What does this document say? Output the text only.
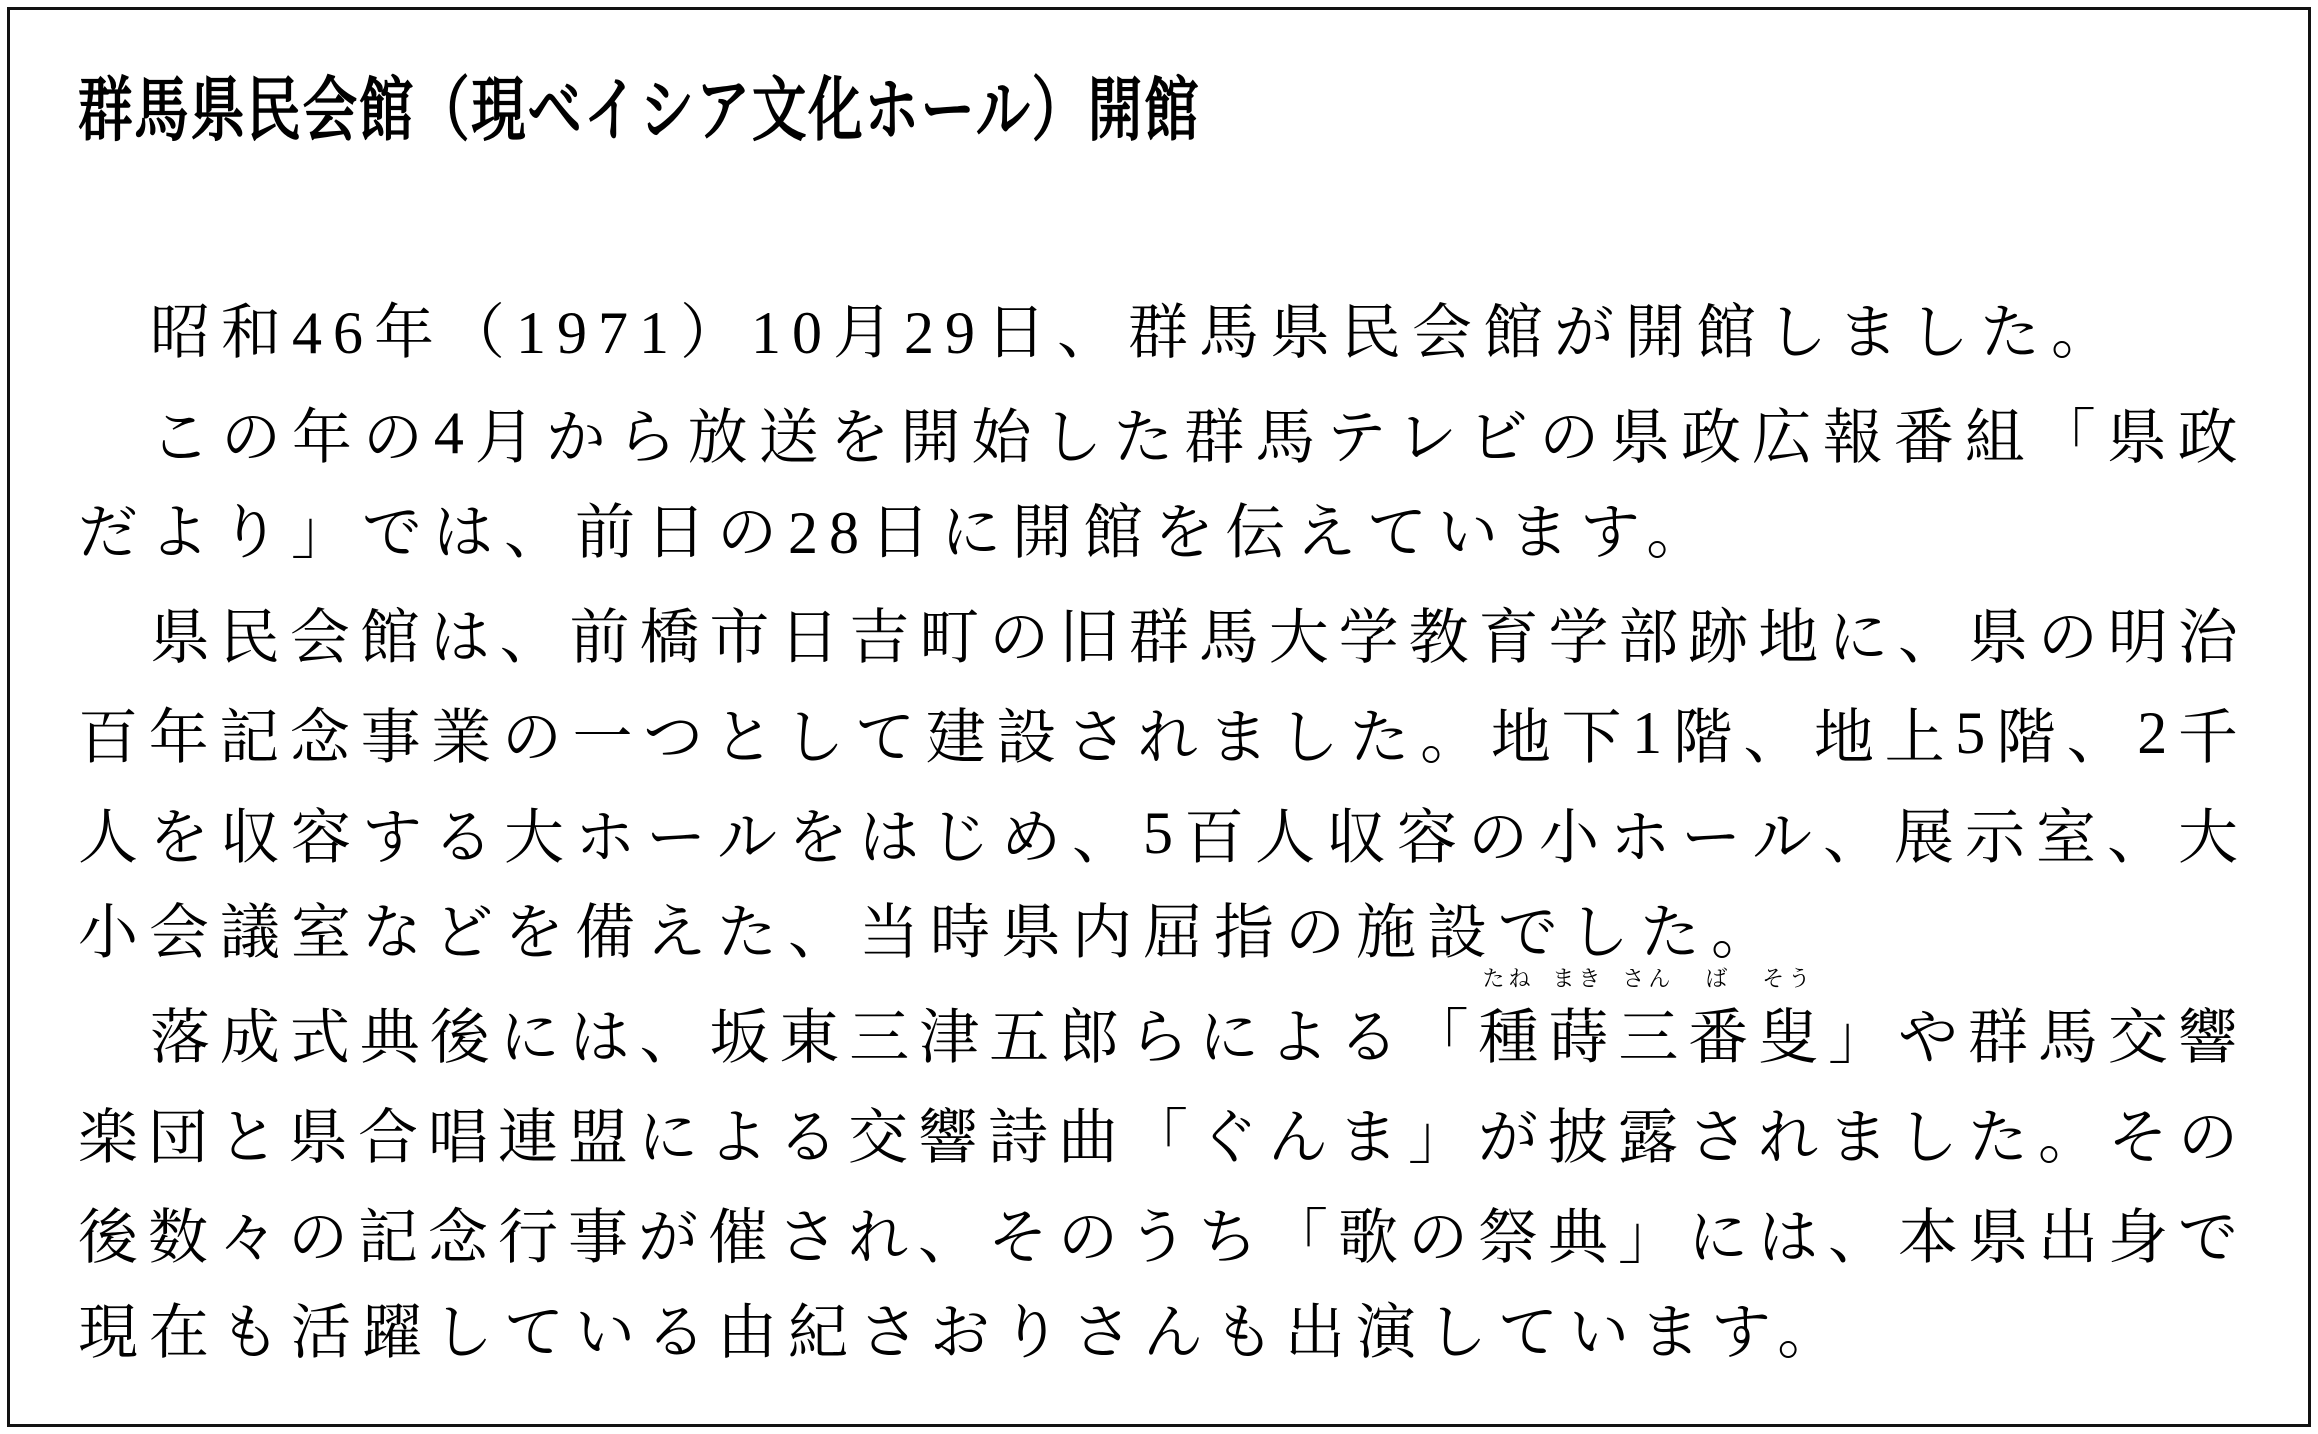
群馬県民会館（現ベイシア文化ホール）開館

昭和46年（1971）10月29日、群馬県民会館が開館しました。

こ の 年 の 4 月 か ら 放 送 を 開 始 し た 群 馬 テ レ ビ の 県 政 広 報 番 組 「 県 政

だより」では、前日の28日に開館を伝えています。

県 民 会 館 は 、 前 橋 市 日 吉 町 の 旧 群 馬 大 学 教 育 学 部 跡 地 に 、 県 の 明 治

百 年 記 念 事 業 の 一 つ と し て 建 設 さ れ ま し た 。 地 下 1 階 、 地 上 5 階 、 2 千

人 を 収 容 す る 大 ホ ー ル を は じ め 、 5 百 人 収 容 の 小 ホ ー ル 、 展 示 室 、 大

小会議室などを備えた、当時県内屈指の施設でした。

落 成 式 典 後 に は 、 坂 東 三 津 五 郎 ら に よ る 「 種
たね
蒔
まき
三
さん
番
ば
叟
そう
」 や 群 馬 交 響

楽 団 と 県 合 唱 連 盟 に よ る 交 響 詩 曲 「 ぐ ん ま 」 が 披 露 さ れ ま し た 。 そ の

後 数 々 の 記 念 行 事 が 催 さ れ 、 そ の う ち 「 歌 の 祭 典 」 に は 、 本 県 出 身 で

現在も活躍している由紀さおりさんも出演しています。
